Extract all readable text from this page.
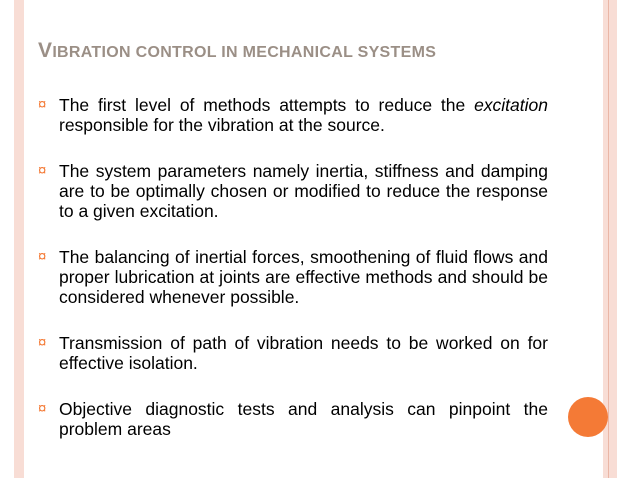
VIBRATION CONTROL IN MECHANICAL SYSTEMS
¤ The first level of methods attempts to reduce the excitation responsible for the vibration at the source.
¤ The system parameters namely inertia, stiffness and damping are to be optimally chosen or modified to reduce the response to a given excitation.
¤ The balancing of inertial forces, smoothening of fluid flows and proper lubrication at joints are effective methods and should be considered whenever possible.
¤ Transmission of path of vibration needs to be worked on for effective isolation.
¤ Objective diagnostic tests and analysis can pinpoint the problem areas
